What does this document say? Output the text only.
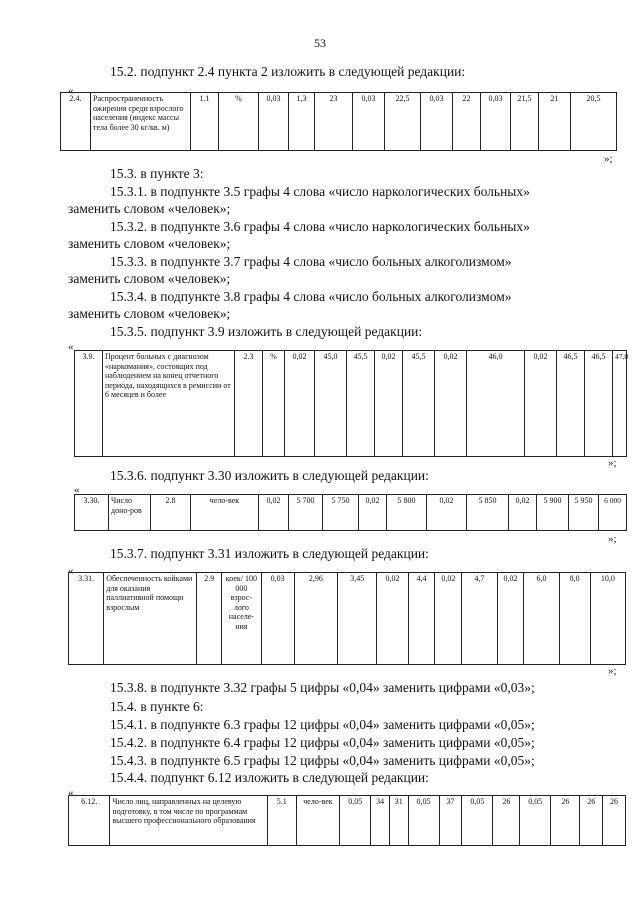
53
15.2. подпункт 2.4 пункта 2 изложить в следующей редакции:
«
2.4.	Распространенность ожирения среди взрослого населения (индекс массы тела более 30 кг/кв. м)	1.1	%	0,03	1,3	23	0,03	22,5	0,03	22	0,03	21,5	21	20,5
»;
15.3. в пункте 3:
15.3.1. в подпункте 3.5 графы 4 слова «число наркологических больных»
заменить словом «человек»;
15.3.2. в подпункте 3.6 графы 4 слова «число наркологических больных»
заменить словом «человек»;
15.3.3. в подпункте 3.7 графы 4 слова «число больных алкоголизмом»
заменить словом «человек»;
15.3.4. в подпункте 3.8 графы 4 слова «число больных алкоголизмом»
заменить словом «человек»;
15.3.5. подпункт 3.9 изложить в следующей редакции:
«
3.9.	Процент больных с диагнозом «наркомания», состоящих под наблюдением на конец отчетного периода, находящихся в ремиссии от 6 месяцев и более	2.3	%	0,02	45,0	45,5	0,02	45,5	0,02	46,0	0,02	46,5	46,5	47,0
»;
15.3.6. подпункт 3.30 изложить в следующей редакции:
«
3.30.	Число доно-ров	2.8	чело-век	0,02	5 700	5 750	0,02	5 800	0,02	5 850	0,02	5 900	5 950	6 000
»;
15.3.7. подпункт 3.31 изложить в следующей редакции:
«
3.31.	Обеспеченность койками для оказания паллиативной помощи взрослым	2.9	коек/ 100 000 взрос-лого населе-ния	0,03	2,96	3,45	0,02	4,4	0,02	4,7	0,02	6,0	8,0	10,0
»;
15.3.8. в подпункте 3.32 графы 5 цифры «0,04» заменить цифрами «0,03»;
15.4. в пункте 6:
15.4.1. в подпункте 6.3 графы 12 цифры «0,04» заменить цифрами «0,05»;
15.4.2. в подпункте 6.4 графы 12 цифры «0,04» заменить цифрами «0,05»;
15.4.3. в подпункте 6.5 графы 12 цифры «0,04» заменить цифрами «0,05»;
15.4.4. подпункт 6.12 изложить в следующей редакции:
«
6.12.	Число лиц, направленных на целевую подготовку, в том числе по программам высшего профессионального образования	5.1	чело-век	0,05	34	31	0,05	37	0,05	26	0,05	26	26	26
